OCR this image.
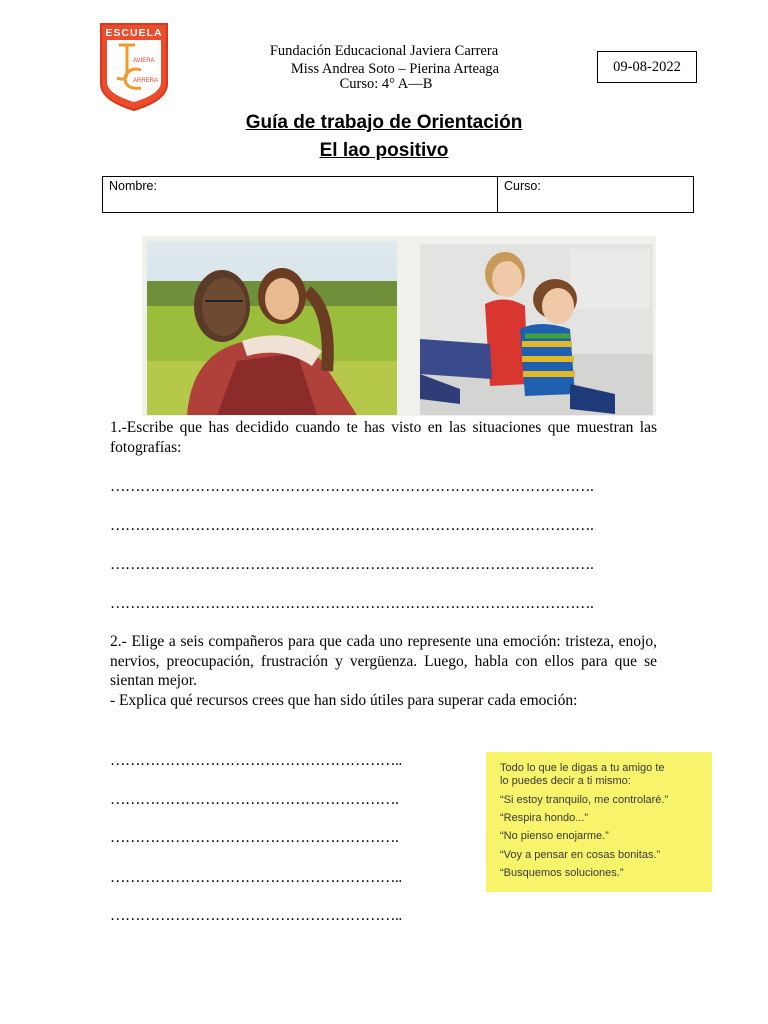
ESCUELA
AVIERA
ARRERA
Fundación Educacional Javiera Carrera
Miss Andrea Soto – Pierina Arteaga
Curso: 4° A—B
09-08-2022
Guía de trabajo de Orientación
El lao positivo
Nombre:	Curso:
1.-Escribe que has decidido cuando te has visto en las situaciones que muestran las fotografías:
…………………………………………………………………………………….
…………………………………………………………………………………….
…………………………………………………………………………………….
…………………………………………………………………………………….
2.- Elige a seis compañeros para que cada uno represente una emoción: tristeza, enojo, nervios, preocupación, frustración y vergüenza. Luego, habla con ellos para que se sientan mejor.
- Explica qué recursos crees que han sido útiles para superar cada emoción:
…………………………………………………..
………………………………………………….
………………………………………………….
…………………………………………………..
…………………………………………………..
Todo lo que le digas a tu amigo te
lo puedes decir a ti mismo:
“Si estoy tranquilo, me controlaré.”
“Respira hondo...”
“No pienso enojarme.”
“Voy a pensar en cosas bonitas.”
“Busquemos soluciones.”
